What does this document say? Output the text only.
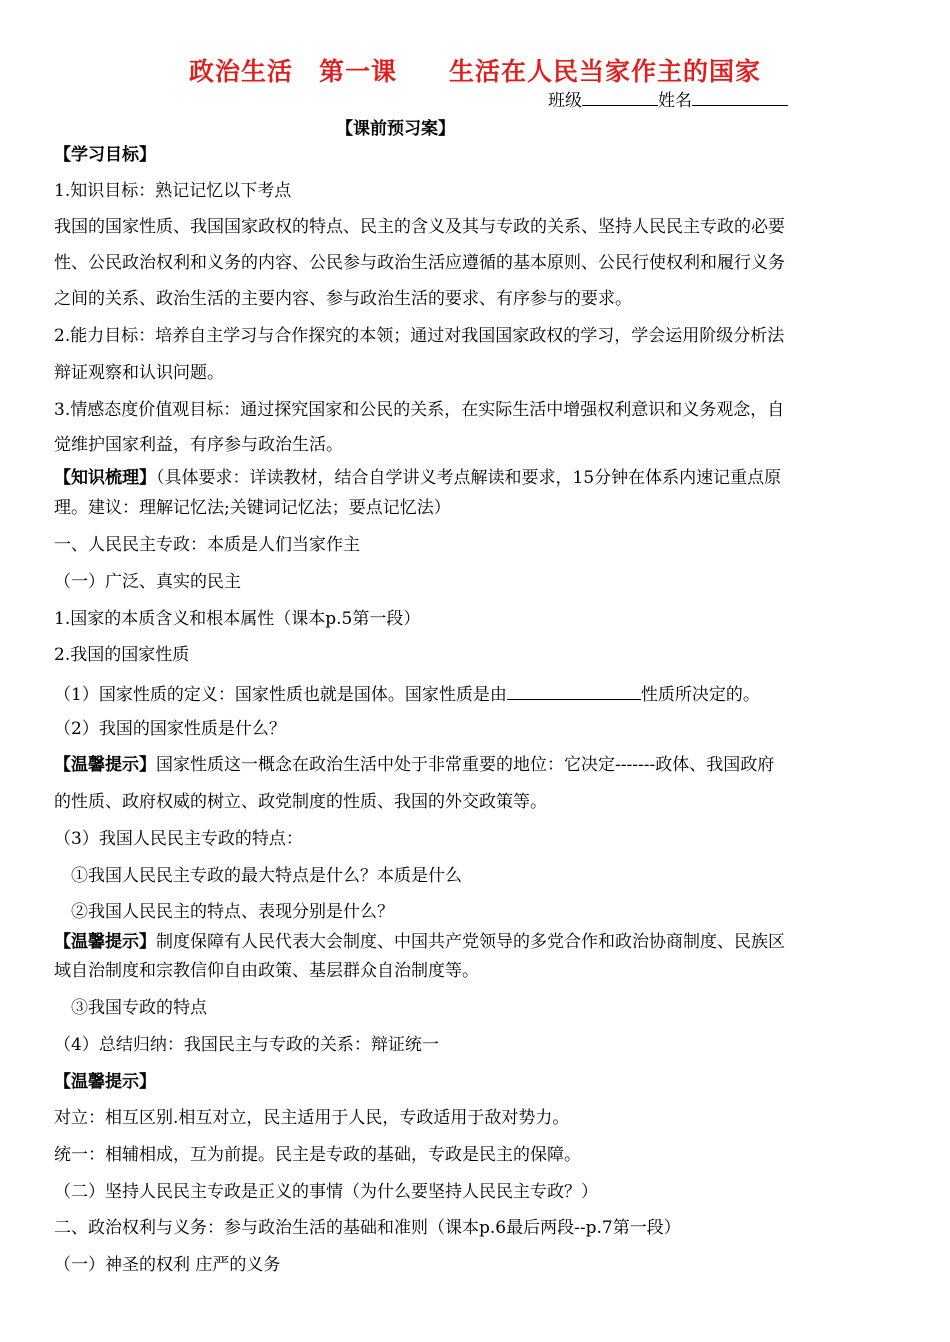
政治生活　第一课　　生活在人民当家作主的国家
班级	姓名
【课前预习案】
【学习目标】
1.知识目标：熟记记忆以下考点
我国的国家性质、我国国家政权的特点、民主的含义及其与专政的关系、坚持人民民主专政的必要
性、公民政治权利和义务的内容、公民参与政治生活应遵循的基本原则、公民行使权利和履行义务
之间的关系、政治生活的主要内容、参与政治生活的要求、有序参与的要求。
2.能力目标：培养自主学习与合作探究的本领；通过对我国国家政权的学习，学会运用阶级分析法
辩证观察和认识问题。
3.情感态度价值观目标：通过探究国家和公民的关系，在实际生活中增强权利意识和义务观念，自
觉维护国家利益，有序参与政治生活。
【知识梳理】（具体要求：详读教材，结合自学讲义考点解读和要求，15分钟在体系内速记重点原
理。建议：理解记忆法;关键词记忆法；要点记忆法）
一、人民民主专政：本质是人们当家作主
（一）广泛、真实的民主
1.国家的本质含义和根本属性（课本p.5第一段）
2.我国的国家性质
（1）国家性质的定义：国家性质也就是国体。国家性质是由	性质所决定的。
（2）我国的国家性质是什么？
【温馨提示】国家性质这一概念在政治生活中处于非常重要的地位：它决定-------政体、我国政府
的性质、政府权威的树立、政党制度的性质、我国的外交政策等。
（3）我国人民民主专政的特点：
　①我国人民民主专政的最大特点是什么？本质是什么
　②我国人民民主的特点、表现分别是什么？
【温馨提示】制度保障有人民代表大会制度、中国共产党领导的多党合作和政治协商制度、民族区
域自治制度和宗教信仰自由政策、基层群众自治制度等。
　③我国专政的特点
（4）总结归纳：我国民主与专政的关系：辩证统一
【温馨提示】
对立：相互区别.相互对立，民主适用于人民，专政适用于敌对势力。
统一：相辅相成，互为前提。民主是专政的基础，专政是民主的保障。
（二）坚持人民民主专政是正义的事情（为什么要坚持人民民主专政？）
二、政治权利与义务：参与政治生活的基础和准则（课本p.6最后两段--p.7第一段）
（一）神圣的权利 庄严的义务
